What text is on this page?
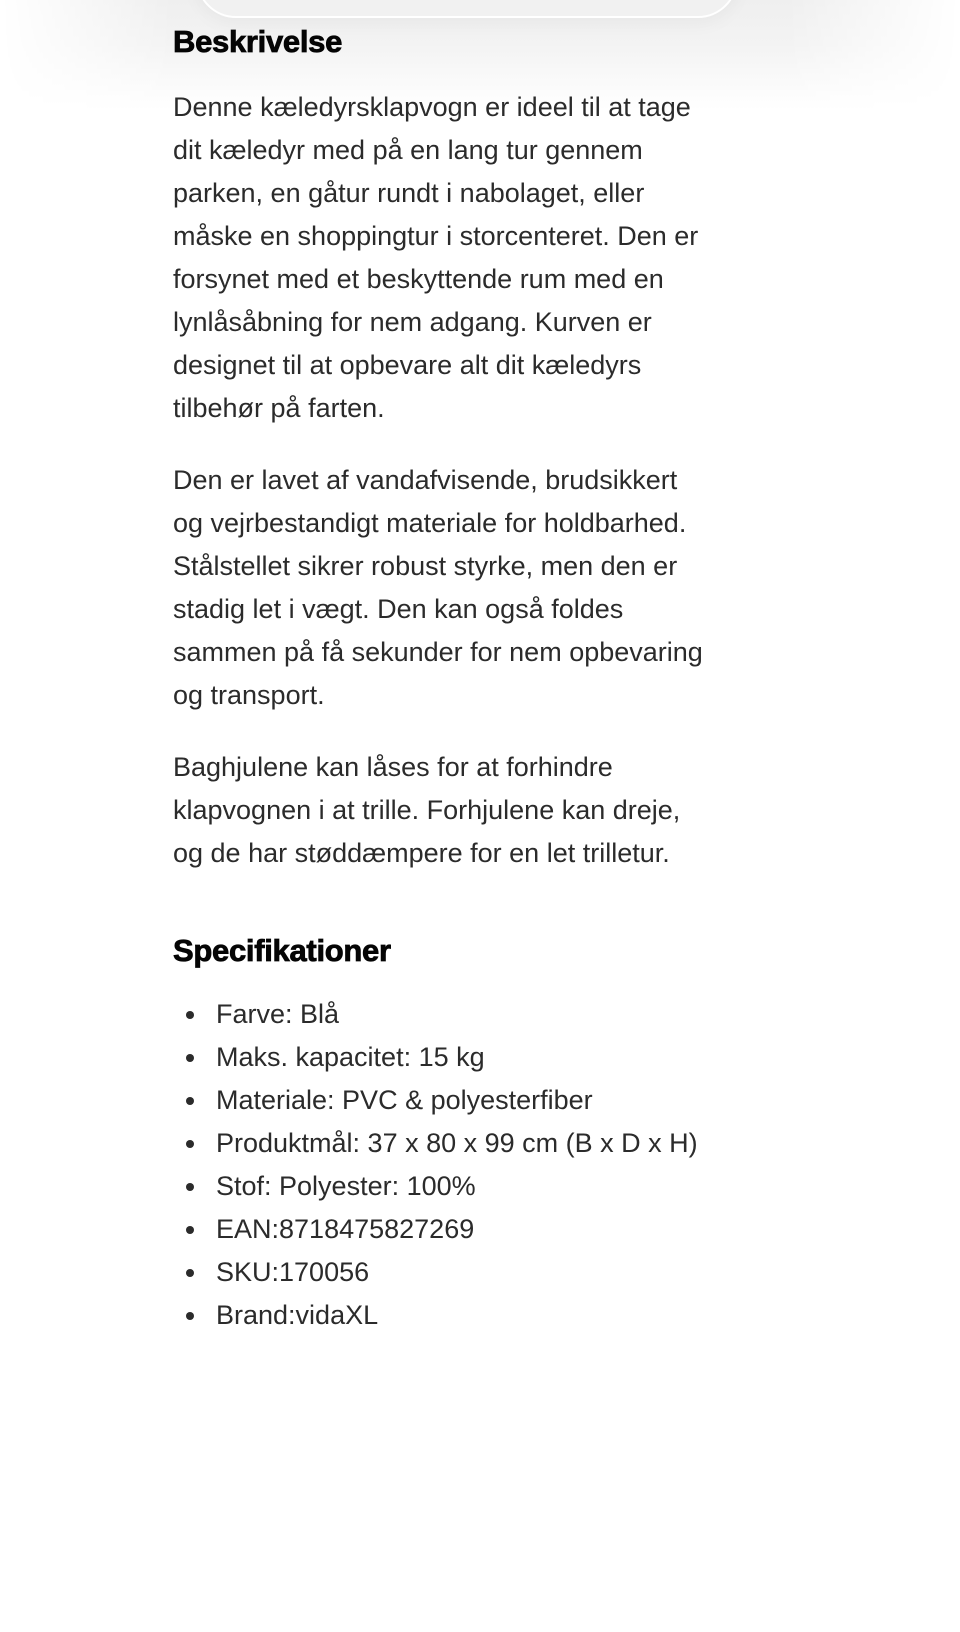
Beskrivelse

Denne kæledyrsklapvogn er ideel til at tage dit kæledyr med på en lang tur gennem parken, en gåtur rundt i nabolaget, eller måske en shoppingtur i storcenteret. Den er forsynet med et beskyttende rum med en lynlåsåbning for nem adgang. Kurven er designet til at opbevare alt dit kæledyrs tilbehør på farten.

Den er lavet af vandafvisende, brudsikkert og vejrbestandigt materiale for holdbarhed. Stålstellet sikrer robust styrke, men den er stadig let i vægt. Den kan også foldes sammen på få sekunder for nem opbevaring og transport.

Baghjulene kan låses for at forhindre klapvognen i at trille. Forhjulene kan dreje, og de har støddæmpere for en let trilletur.

Specifikationer
Farve: Blå
Maks. kapacitet: 15 kg
Materiale: PVC & polyesterfiber
Produktmål: 37 x 80 x 99 cm (B x D x H)
Stof: Polyester: 100%
EAN:8718475827269
SKU:170056
Brand:vidaXL
